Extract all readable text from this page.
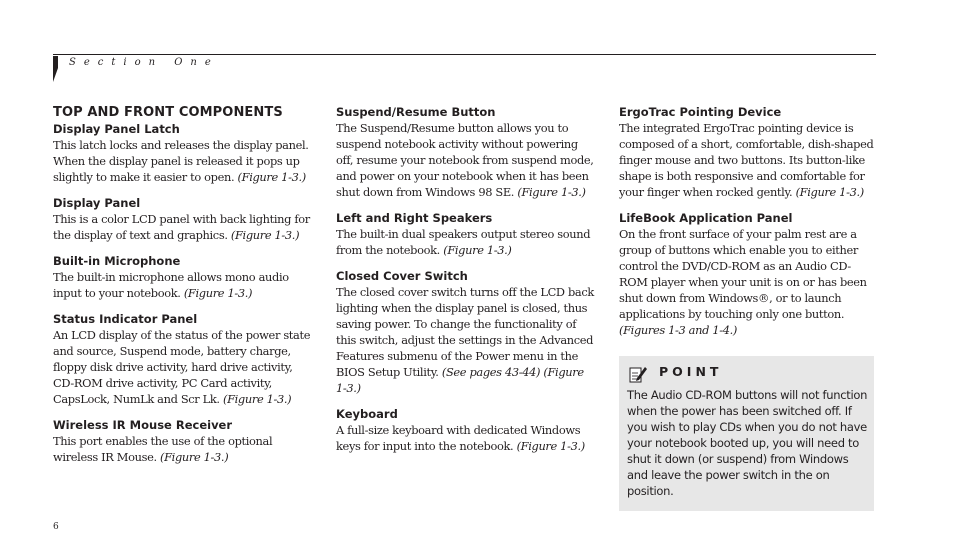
Section One
TOP AND FRONT COMPONENTS
Display Panel Latch

This latch locks and releases the display panel. When the display panel is released it pops up slightly to make it easier to open. (Figure 1-3.)

Display Panel

This is a color LCD panel with back lighting for the display of text and graphics. (Figure 1-3.)

Built-in Microphone

The built-in microphone allows mono audio input to your notebook. (Figure 1-3.)

Status Indicator Panel

An LCD display of the status of the power state and source, Suspend mode, battery charge, floppy disk drive activity, hard drive activity, CD-ROM drive activity, PC Card activity, CapsLock, NumLk and Scr Lk. (Figure 1-3.)

Wireless IR Mouse Receiver

This port enables the use of the optional wireless IR Mouse. (Figure 1-3.)

Suspend/Resume Button

The Suspend/Resume button allows you to suspend notebook activity without powering off, resume your notebook from suspend mode, and power on your notebook when it has been shut down from Windows 98 SE. (Figure 1-3.)

Left and Right Speakers

The built-in dual speakers output stereo sound from the notebook. (Figure 1-3.)

Closed Cover Switch

The closed cover switch turns off the LCD back lighting when the display panel is closed, thus saving power. To change the functionality of this switch, adjust the settings in the Advanced Features submenu of the Power menu in the BIOS Setup Utility. (See pages 43-44) (Figure 1-3.)

Keyboard

A full-size keyboard with dedicated Windows keys for input into the notebook. (Figure 1-3.)

ErgoTrac Pointing Device

The integrated ErgoTrac pointing device is composed of a short, comfortable, dish-shaped finger mouse and two buttons. Its button-like shape is both responsive and comfortable for your finger when rocked gently. (Figure 1-3.)

LifeBook Application Panel

On the front surface of your palm rest are a group of buttons which enable you to either control the DVD/CD-ROM as an Audio CD-ROM player when your unit is on or has been shut down from Windows®, or to launch applications by touching only one button. (Figures 1-3 and 1-4.)

POINT

The Audio CD-ROM buttons will not function when the power has been switched off. If you wish to play CDs when you do not have your notebook booted up, you will need to shut it down (or suspend) from Windows and leave the power switch in the on position.

6
